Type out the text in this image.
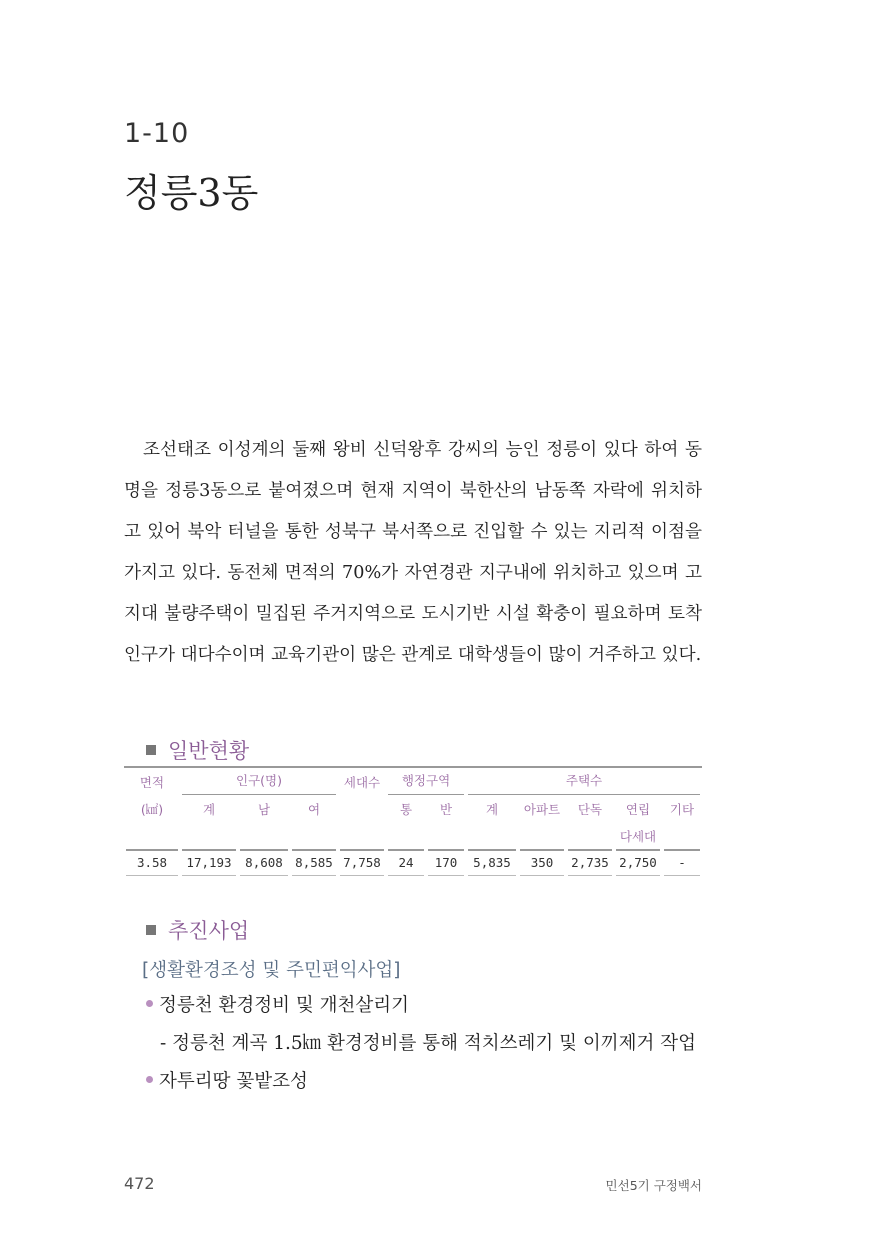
1-10
정릉3동

조선태조 이성계의 둘째 왕비 신덕왕후 강씨의 능인 정릉이 있다 하여 동명을 정릉3동으로 붙여졌으며 현재 지역이 북한산의 남동쪽 자락에 위치하고 있어 북악 터널을 통한 성북구 북서쪽으로 진입할 수 있는 지리적 이점을 가지고 있다. 동전체 면적의 70%가 자연경관 지구내에 위치하고 있으며 고지대 불량주택이 밀집된 주거지역으로 도시기반 시설 확충이 필요하며 토착 인구가 대다수이며 교육기관이 많은 관계로 대학생들이 많이 거주하고 있다.

일반현황
면적	인구(명)			세대수	행정구역		주택수				

(㎢)	계	남	여		통	반	계	아파트	단독	연립	기타
										다세대	

3.58	17,193	8,608	8,585	7,758	24	170	5,835	350	2,735	2,750	-
추진사업
[생활환경조성 및 주민편익사업]
정릉천 환경정비 및 개천살리기
- 정릉천 계곡 1.5㎞ 환경정비를 통해 적치쓰레기 및 이끼제거 작업
자투리땅 꽃밭조성
472	민선5기 구정백서
